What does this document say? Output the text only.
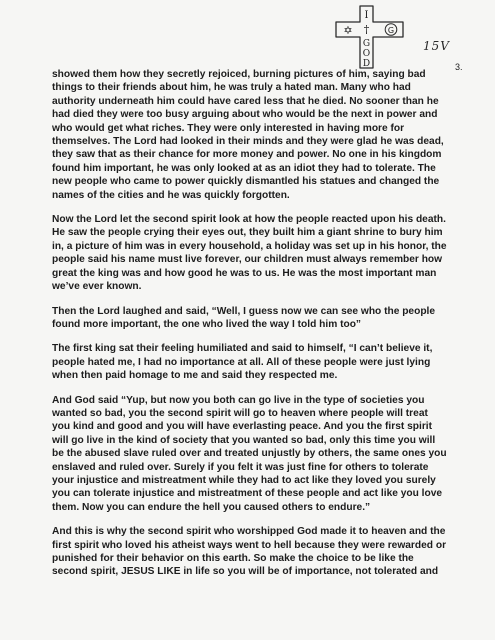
I
†
G
O
D
✡	G
15V
3.

showed them how they secretly rejoiced, burning pictures of him, saying bad things to their friends about him, he was truly a hated man. Many who had authority underneath him could have cared less that he died. No sooner than he had died they were too busy arguing about who would be the next in power and who would get what riches. They were only interested in having more for themselves. The Lord had looked in their minds and they were glad he was dead, they saw that as their chance for more money and power. No one in his kingdom found him important, he was only looked at as an idiot they had to tolerate. The new people who came to power quickly dismantled his statues and changed the names of the cities and he was quickly forgotten.

Now the Lord let the second spirit look at how the people reacted upon his death. He saw the people crying their eyes out, they built him a giant shrine to bury him in, a picture of him was in every household, a holiday was set up in his honor, the people said his name must live forever, our children must always remember how great the king was and how good he was to us. He was the most important man we’ve ever known.

Then the Lord laughed and said, “Well, I guess now we can see who the people found more important, the one who lived the way I told him too”

The first king sat their feeling humiliated and said to himself, “I can’t believe it, people hated me, I had no importance at all. All of these people were just lying when then paid homage to me and said they respected me.

And God said “Yup, but now you both can go live in the type of societies you wanted so bad, you the second spirit will go to heaven where people will treat you kind and good and you will have everlasting peace. And you the first spirit will go live in the kind of society that you wanted so bad, only this time you will be the abused slave ruled over and treated unjustly by others, the same ones you enslaved and ruled over. Surely if you felt it was just fine for others to tolerate your injustice and mistreatment while they had to act like they loved you surely you can tolerate injustice and mistreatment of these people and act like you love them. Now you can endure the hell you caused others to endure.”

And this is why the second spirit who worshipped God made it to heaven and the first spirit who loved his atheist ways went to hell because they were rewarded or punished for their behavior on this earth. So make the choice to be like the second spirit, JESUS LIKE in life so you will be of importance, not tolerated and
